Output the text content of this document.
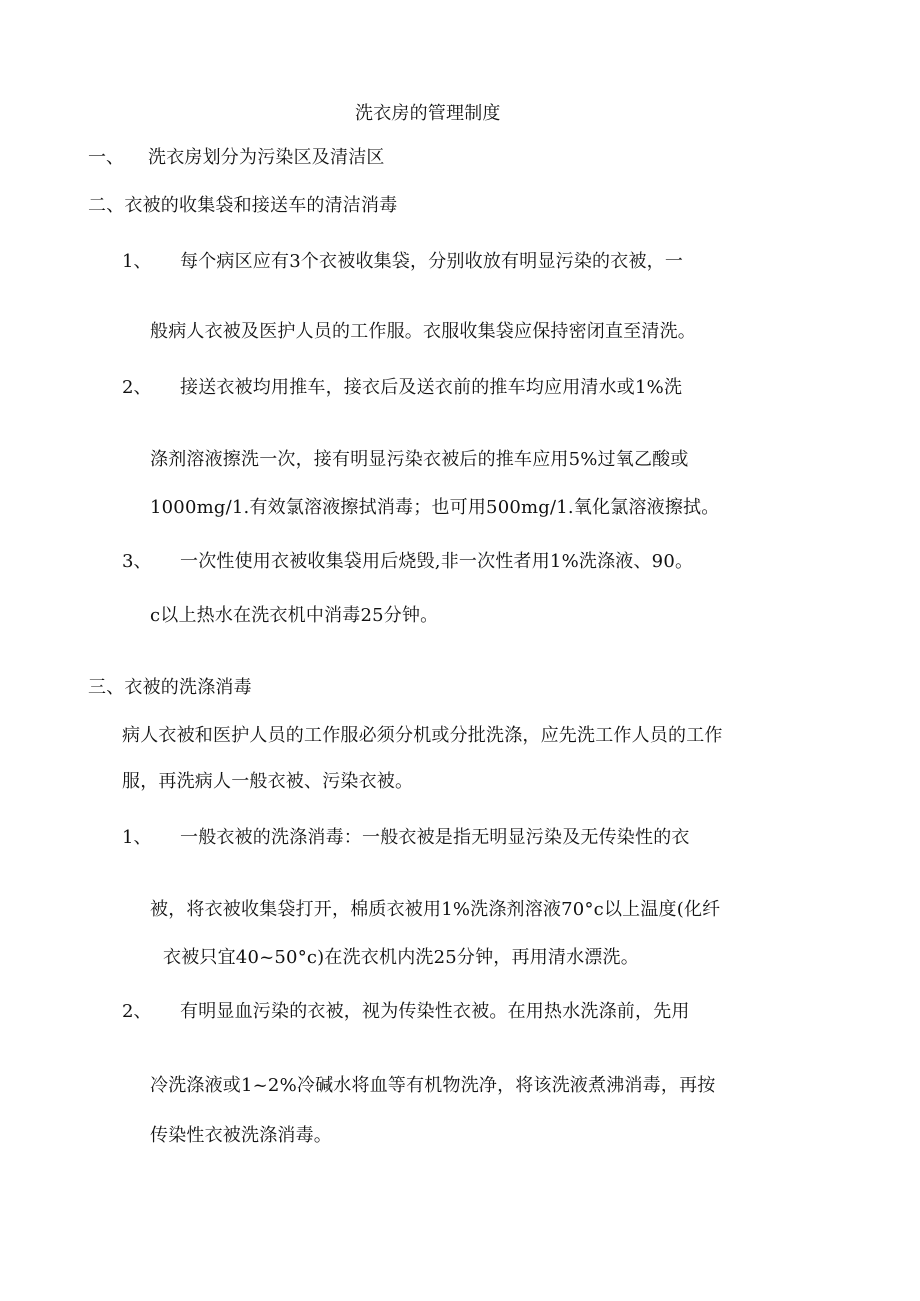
洗衣房的管理制度
一、 洗衣房划分为污染区及清洁区
二、衣被的收集袋和接送车的清洁消毒
1、 每个病区应有3个衣被收集袋，分别收放有明显污染的衣被，一
般病人衣被及医护人员的工作服。衣服收集袋应保持密闭直至清洗。
2、 接送衣被均用推车，接衣后及送衣前的推车均应用清水或1%洗
涤剂溶液擦洗一次，接有明显污染衣被后的推车应用5%过氧乙酸或
1000mg∕1.有效氯溶液擦拭消毒；也可用500mg∕1.氧化氯溶液擦拭。
3、 一次性使用衣被收集袋用后烧毁,非一次性者用1%洗涤液、90。
c以上热水在洗衣机中消毒25分钟。
三、衣被的洗涤消毒
病人衣被和医护人员的工作服必须分机或分批洗涤，应先洗工作人员的工作
服，再洗病人一般衣被、污染衣被。
1、 一般衣被的洗涤消毒：一般衣被是指无明显污染及无传染性的衣
被，将衣被收集袋打开，棉质衣被用1%洗涤剂溶液70°c以上温度(化纤
衣被只宜40~50°c)在洗衣机内洗25分钟，再用清水漂洗。
2、 有明显血污染的衣被，视为传染性衣被。在用热水洗涤前，先用
冷洗涤液或1~2%冷碱水将血等有机物洗净，将该洗液煮沸消毒，再按
传染性衣被洗涤消毒。
